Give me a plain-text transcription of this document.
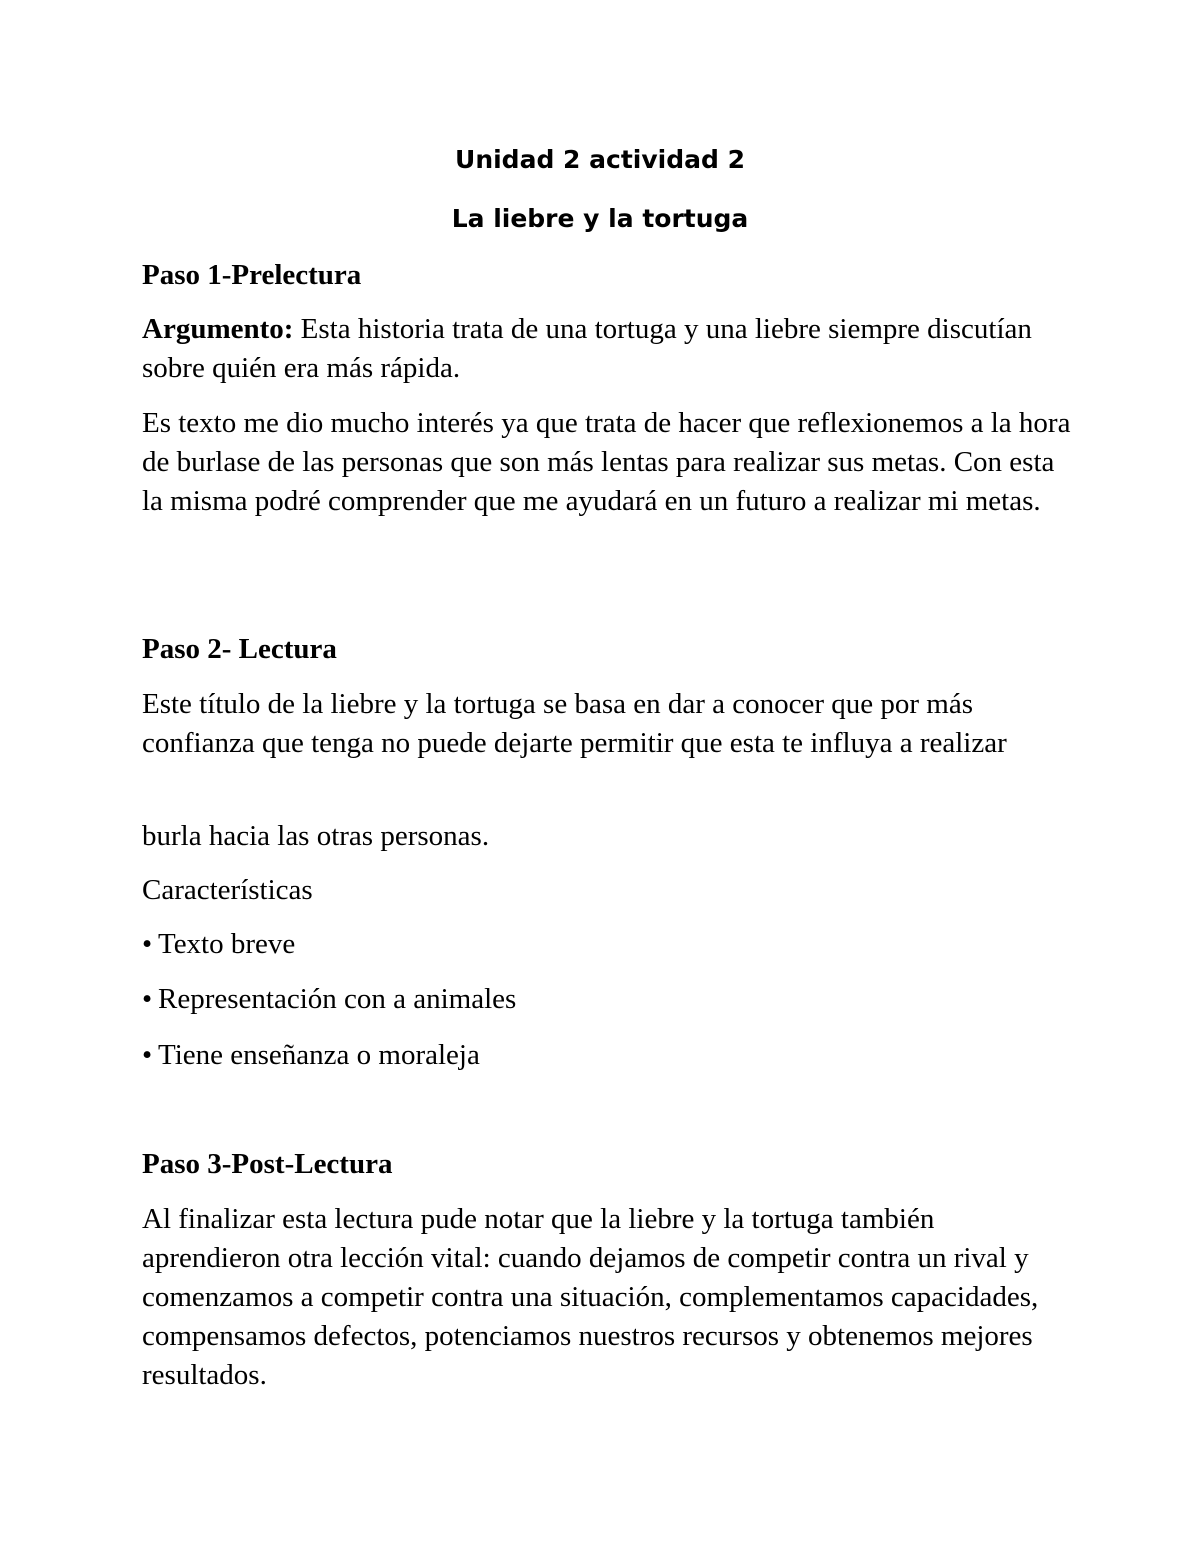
Unidad 2 actividad 2
La liebre y la tortuga
Paso 1-Prelectura

Argumento: Esta historia trata de una tortuga y una liebre siempre discutían sobre quién era más rápida.

Es texto me dio mucho interés ya que trata de hacer que reflexionemos a la hora de burlase de las personas que son más lentas para realizar sus metas. Con esta la misma podré comprender que me ayudará en un futuro a realizar mi metas.

Paso 2- Lectura

Este título de la liebre y la tortuga se basa en dar a conocer que por más confianza que tenga no puede dejarte permitir que esta te influya a realizar

burla hacia las otras personas.

Características

• Texto breve
• Representación con a animales
• Tiene enseñanza o moraleja
Paso 3-Post-Lectura

Al finalizar esta lectura pude notar que la liebre y la tortuga también aprendieron otra lección vital: cuando dejamos de competir contra un rival y comenzamos a competir contra una situación, complementamos capacidades, compensamos defectos, potenciamos nuestros recursos y obtenemos mejores resultados.
